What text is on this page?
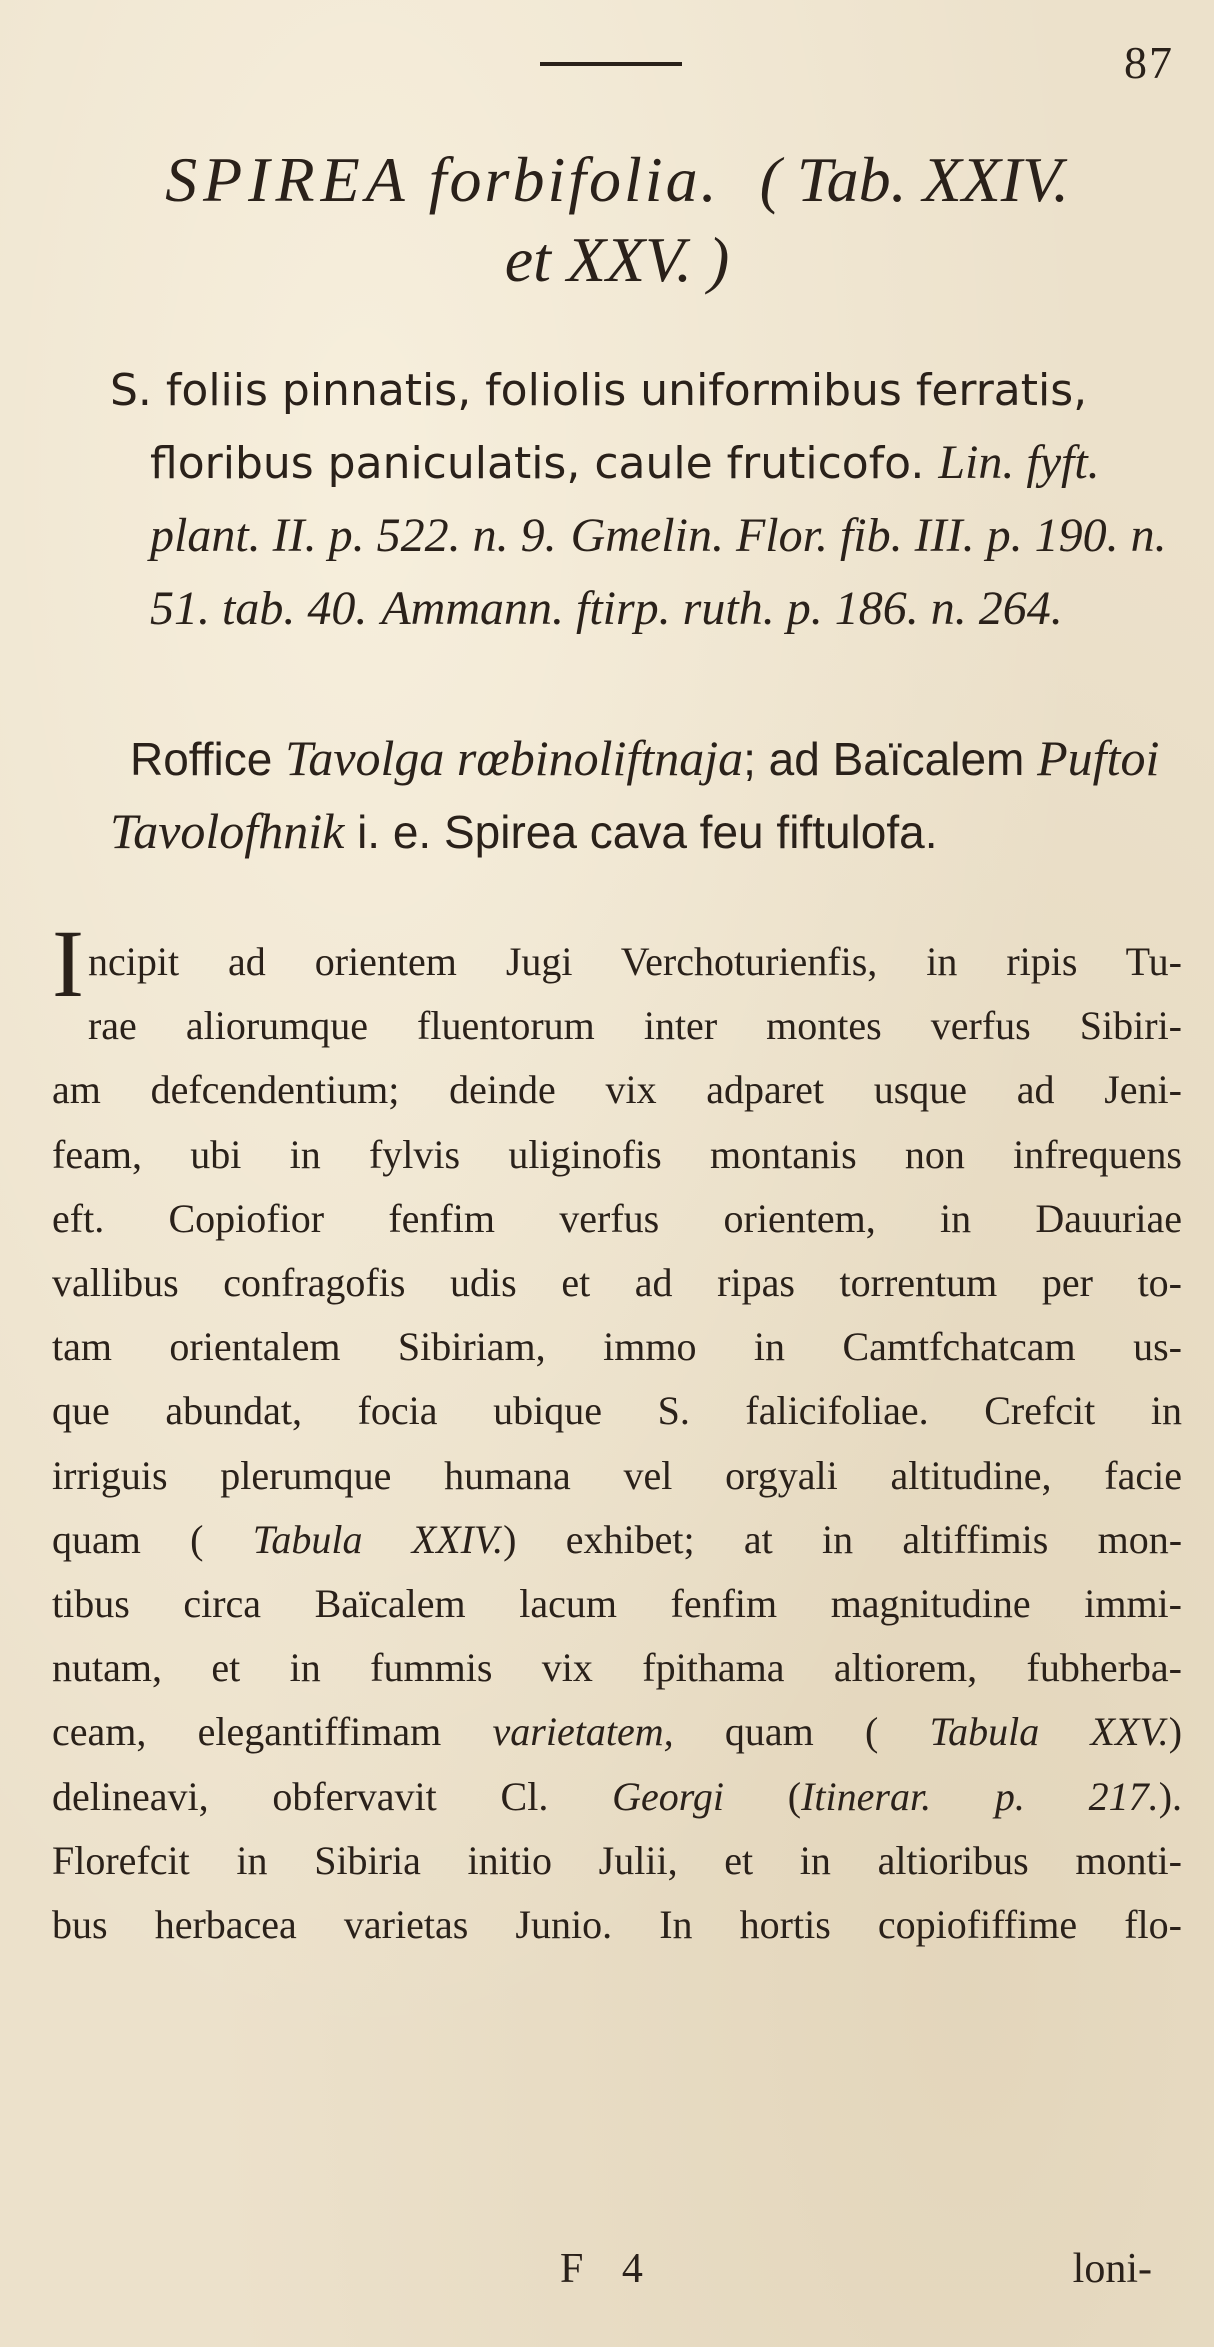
87
SPIREA forbifolia. ( Tab. XXIV.
et XXV. )
S. foliis pinnatis, foliolis uniformibus ferratis, floribus paniculatis, caule fruticofo. Lin. fyft. plant. II. p. 522. n. 9. Gmelin. Flor. fib. III. p. 190. n. 51. tab. 40. Ammann. ftirp. ruth. p. 186. n. 264.
Roffice Tavolga rœbinoliftnaja; ad Baïcalem Puftoi Tavolofhnik i. e. Spirea cava feu fiftulofa.
I ncipit ad orientem Jugi Verchoturienfis, in ripis Tu-
rae aliorumque fluentorum inter montes verfus Sibiri-
am defcendentium; deinde vix adparet usque ad Jeni-
feam, ubi in fylvis uliginofis montanis non infrequens
eft. Copiofior fenfim verfus orientem, in Dauuriae
vallibus confragofis udis et ad ripas torrentum per to-
tam orientalem Sibiriam, immo in Camtfchatcam us-
que abundat, focia ubique S. falicifoliae. Crefcit in
irriguis plerumque humana vel orgyali altitudine, facie
quam ( Tabula XXIV.) exhibet; at in altiffimis mon-
tibus circa Baïcalem lacum fenfim magnitudine immi-
nutam, et in fummis vix fpithama altiorem, fubherba-
ceam, elegantiffimam varietatem, quam ( Tabula XXV.)
delineavi, obfervavit Cl. Georgi (Itinerar. p. 217.).
Florefcit in Sibiria initio Julii, et in altioribus monti-
bus herbacea varietas Junio. In hortis copiofiffime flo-
F 4	loni-
